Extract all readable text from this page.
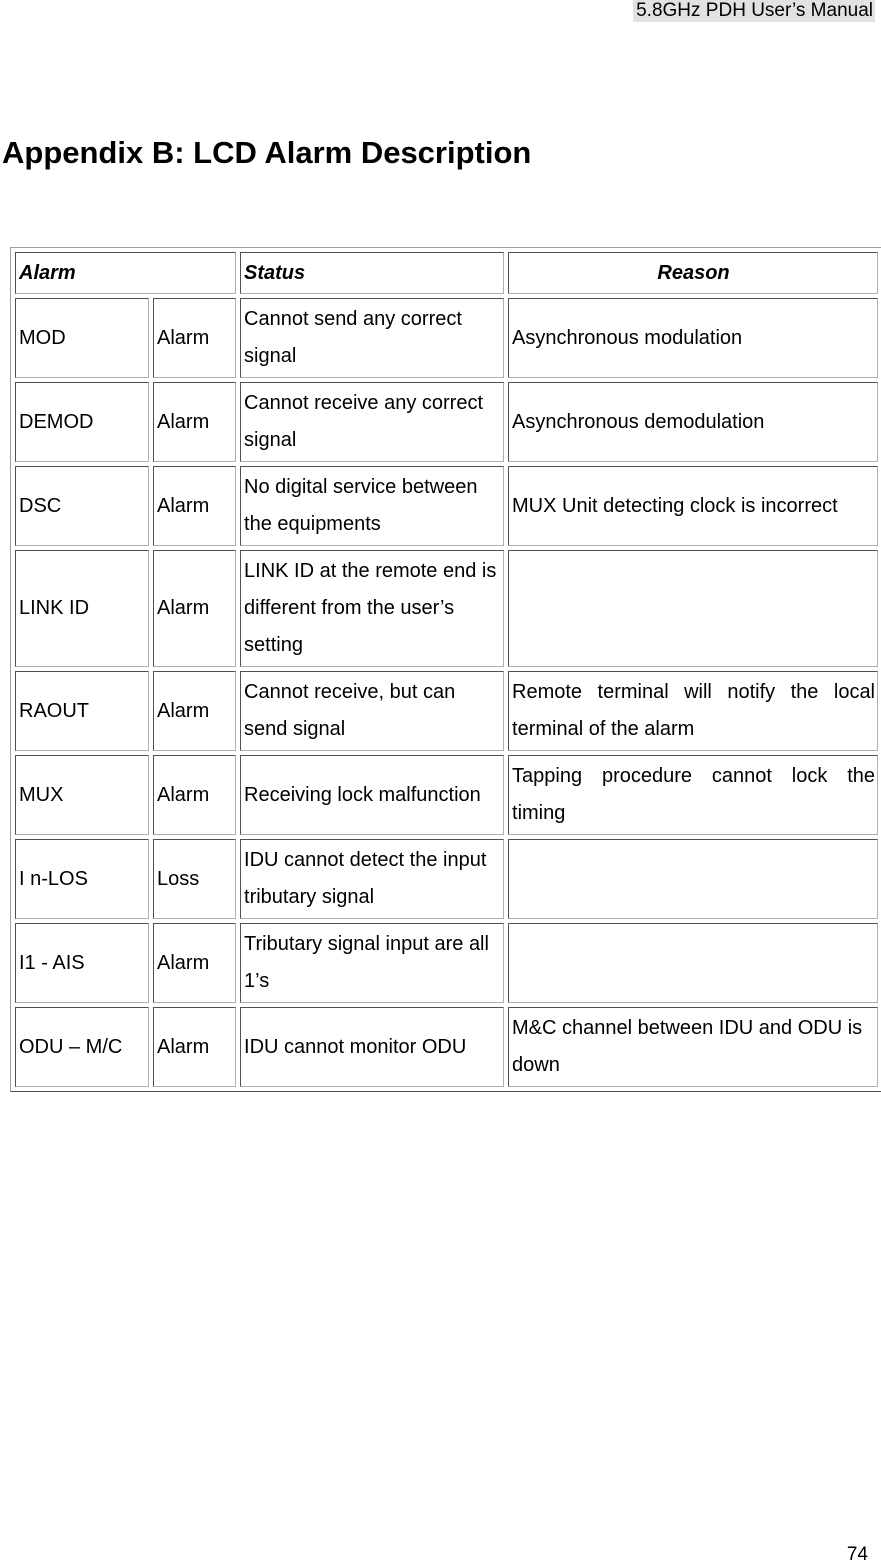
5.8GHz PDH User’s Manual
Appendix B: LCD Alarm Description
Alarm		Status	Reason
MOD	Alarm	Cannot send any correct signal	Asynchronous modulation
DEMOD	Alarm	Cannot receive any correct signal	Asynchronous demodulation
DSC	Alarm	No digital service between the equipments	MUX Unit detecting clock is incorrect
LINK ID	Alarm	LINK ID at the remote end is different from the user’s setting	
RAOUT	Alarm	Cannot receive, but can send signal	Remote terminal will notify the local terminal of the alarm
MUX	Alarm	Receiving lock malfunction	Tapping procedure cannot lock the timing
I n-LOS	Loss	IDU cannot detect the input tributary signal	
I1 - AIS	Alarm	Tributary signal input are all 1’s	
ODU – M/C	Alarm	IDU cannot monitor ODU	M&C channel between IDU and ODU is down
74
